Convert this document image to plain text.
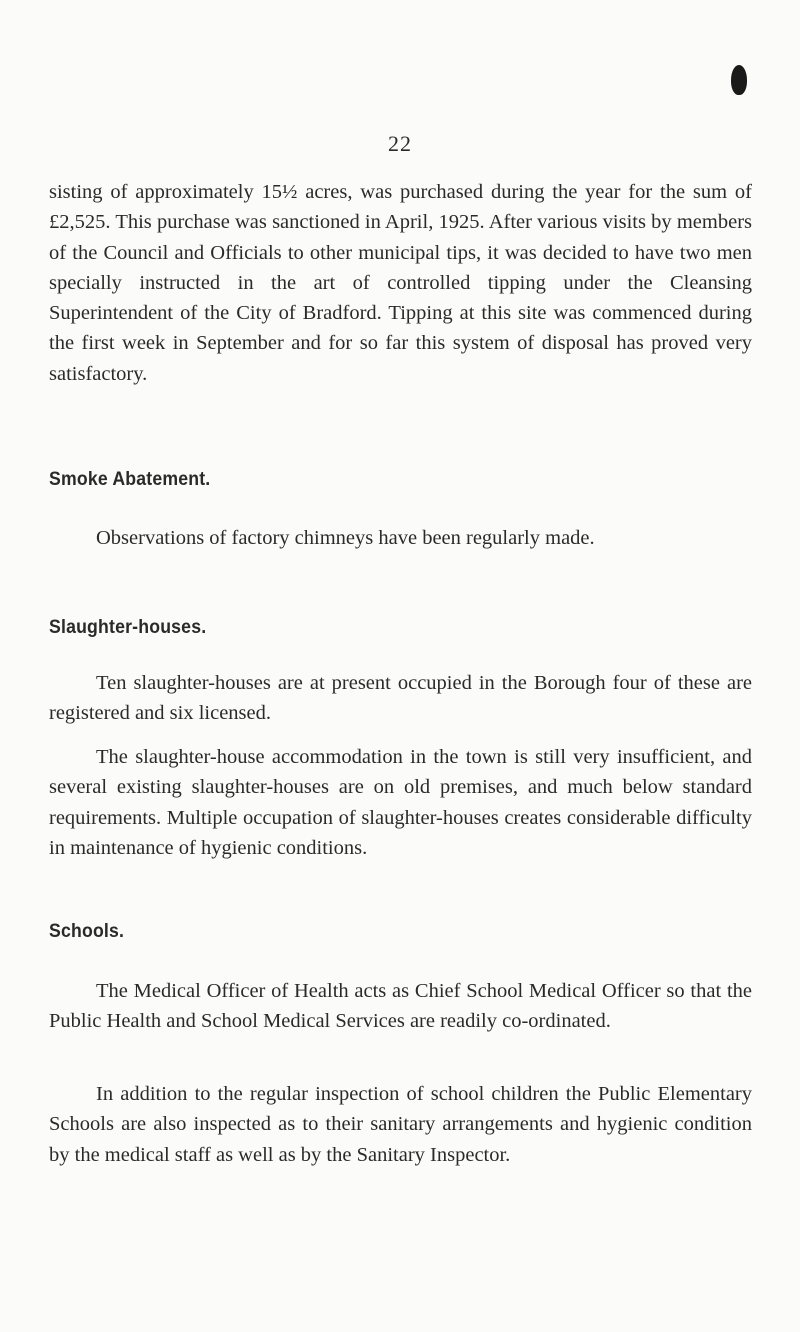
22

sisting of approximately 15½ acres, was purchased during the year for the sum of £2,525. This purchase was sanctioned in April, 1925. After various visits by members of the Council and Officials to other municipal tips, it was decided to have two men specially instructed in the art of controlled tipping under the Cleansing Superintendent of the City of Bradford. Tipping at this site was commenced during the first week in September and for so far this system of disposal has proved very satisfactory.

Smoke Abatement.

Observations of factory chimneys have been regularly made.

Slaughter-houses.

Ten slaughter-houses are at present occupied in the Borough four of these are registered and six licensed.

The slaughter-house accommodation in the town is still very insufficient, and several existing slaughter-houses are on old premises, and much below standard requirements. Multiple occupation of slaughter-houses creates considerable difficulty in maintenance of hygienic conditions.

Schools.

The Medical Officer of Health acts as Chief School Medical Officer so that the Public Health and School Medical Services are readily co-ordinated.

In addition to the regular inspection of school children the Public Elementary Schools are also inspected as to their sanitary arrangements and hygienic condition by the medical staff as well as by the Sanitary Inspector.
